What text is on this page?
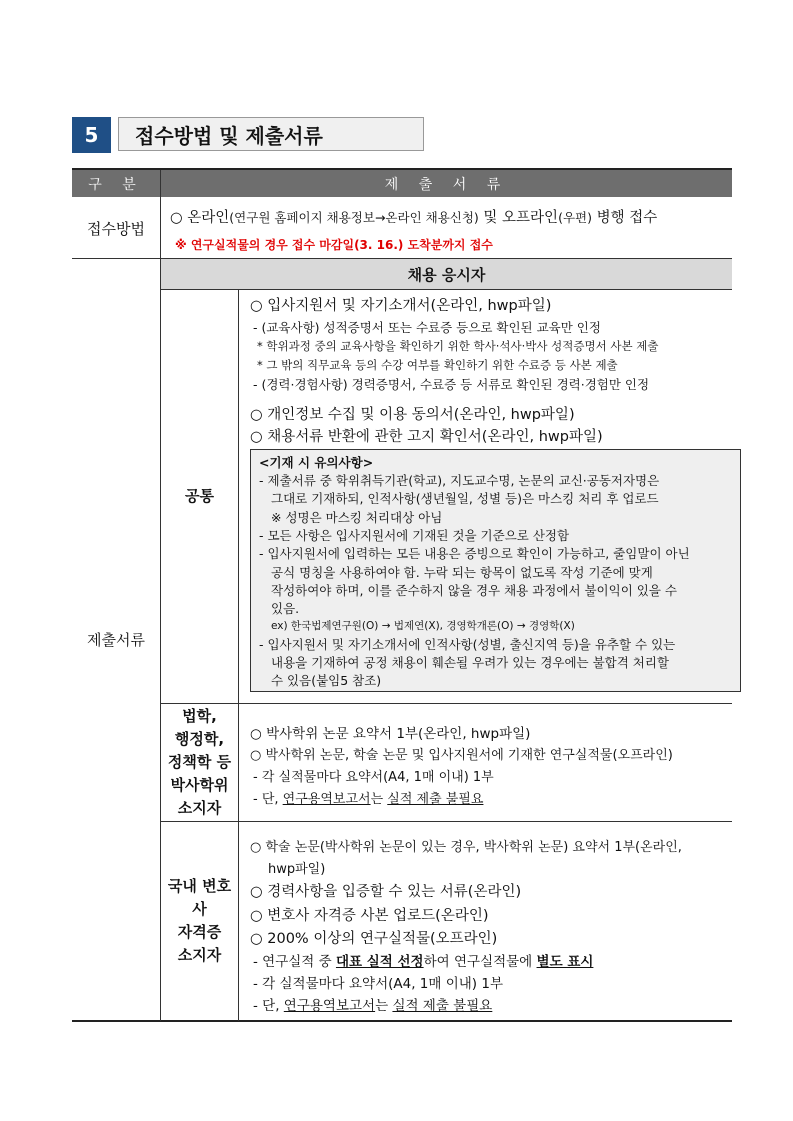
5	접수방법 및 제출서류
구 분	제 출 서 류
접수방법
○ 온라인(연구원 홈페이지 채용정보→온라인 채용신청) 및 오프라인(우편) 병행 접수
※ 연구실적물의 경우 접수 마감일(3. 16.) 도착분까지 접수
제출서류
채용 응시자
공통
○ 입사지원서 및 자기소개서(온라인, hwp파일)
- (교육사항) 성적증명서 또는 수료증 등으로 확인된 교육만 인정
* 학위과정 중의 교육사항을 확인하기 위한 학사·석사·박사 성적증명서 사본 제출
* 그 밖의 직무교육 등의 수강 여부를 확인하기 위한 수료증 등 사본 제출
- (경력·경험사항) 경력증명서, 수료증 등 서류로 확인된 경력·경험만 인정
○ 개인정보 수집 및 이용 동의서(온라인, hwp파일)
○ 채용서류 반환에 관한 고지 확인서(온라인, hwp파일)
<기재 시 유의사항>
- 제출서류 중 학위취득기관(학교), 지도교수명, 논문의 교신·공동저자명은
그대로 기재하되, 인적사항(생년월일, 성별 등)은 마스킹 처리 후 업로드
※ 성명은 마스킹 처리대상 아님
- 모든 사항은 입사지원서에 기재된 것을 기준으로 산정함
- 입사지원서에 입력하는 모든 내용은 증빙으로 확인이 가능하고, 줄임말이 아닌
공식 명칭을 사용하여야 함. 누락 되는 항목이 없도록 작성 기준에 맞게
작성하여야 하며, 이를 준수하지 않을 경우 채용 과정에서 불이익이 있을 수
있음.
ex) 한국법제연구원(O) → 법제연(X), 경영학개론(O) → 경영학(X)
- 입사지원서 및 자기소개서에 인적사항(성별, 출신지역 등)을 유추할 수 있는
내용을 기재하여 공정 채용이 훼손될 우려가 있는 경우에는 불합격 처리할
수 있음(붙임5 참조)
법학,
행정학,
정책학 등
박사학위
소지자
○ 박사학위 논문 요약서 1부(온라인, hwp파일)
○ 박사학위 논문, 학술 논문 및 입사지원서에 기재한 연구실적물(오프라인)
- 각 실적물마다 요약서(A4, 1매 이내) 1부
- 단, 연구용역보고서는 실적 제출 불필요
국내 변호사
자격증
소지자
○ 학술 논문(박사학위 논문이 있는 경우, 박사학위 논문) 요약서 1부(온라인,
hwp파일)
○ 경력사항을 입증할 수 있는 서류(온라인)
○ 변호사 자격증 사본 업로드(온라인)
○ 200% 이상의 연구실적물(오프라인)
- 연구실적 중 대표 실적 선정하여 연구실적물에 별도 표시
- 각 실적물마다 요약서(A4, 1매 이내) 1부
- 단, 연구용역보고서는 실적 제출 불필요
